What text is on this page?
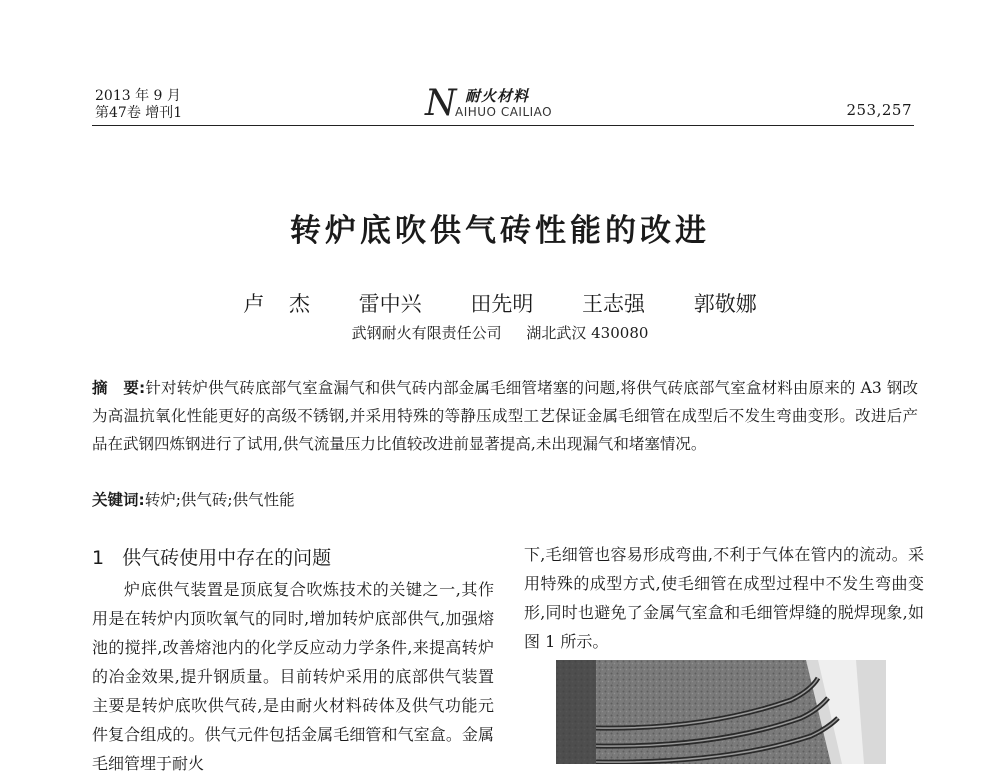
2013 年 9 月
第47卷 增刊1	N 耐火材料
AIHUO CAILIAO	253,257
转炉底吹供气砖性能的改进
卢 杰 雷中兴 田先明 王志强 郭敬娜
武钢耐火有限责任公司 湖北武汉 430080
摘　要:针对转炉供气砖底部气室盒漏气和供气砖内部金属毛细管堵塞的问题,将供气砖底部气室盒材料由原来的 A3 钢改为高温抗氧化性能更好的高级不锈钢,并采用特殊的等静压成型工艺保证金属毛细管在成型后不发生弯曲变形。改进后产品在武钢四炼钢进行了试用,供气流量压力比值较改进前显著提高,未出现漏气和堵塞情况。
关键词:转炉;供气砖;供气性能
1 供气砖使用中存在的问题

炉底供气装置是顶底复合吹炼技术的关键之一,其作用是在转炉内顶吹氧气的同时,增加转炉底部供气,加强熔池的搅拌,改善熔池内的化学反应动力学条件,来提高转炉的冶金效果,提升钢质量。目前转炉采用的底部供气装置主要是转炉底吹供气砖,是由耐火材料砖体及供气功能元件复合组成的。供气元件包括金属毛细管和气室盒。金属毛细管埋于耐火

下,毛细管也容易形成弯曲,不利于气体在管内的流动。采用特殊的成型方式,使毛细管在成型过程中不发生弯曲变形,同时也避免了金属气室盒和毛细管焊缝的脱焊现象,如图 1 所示。
